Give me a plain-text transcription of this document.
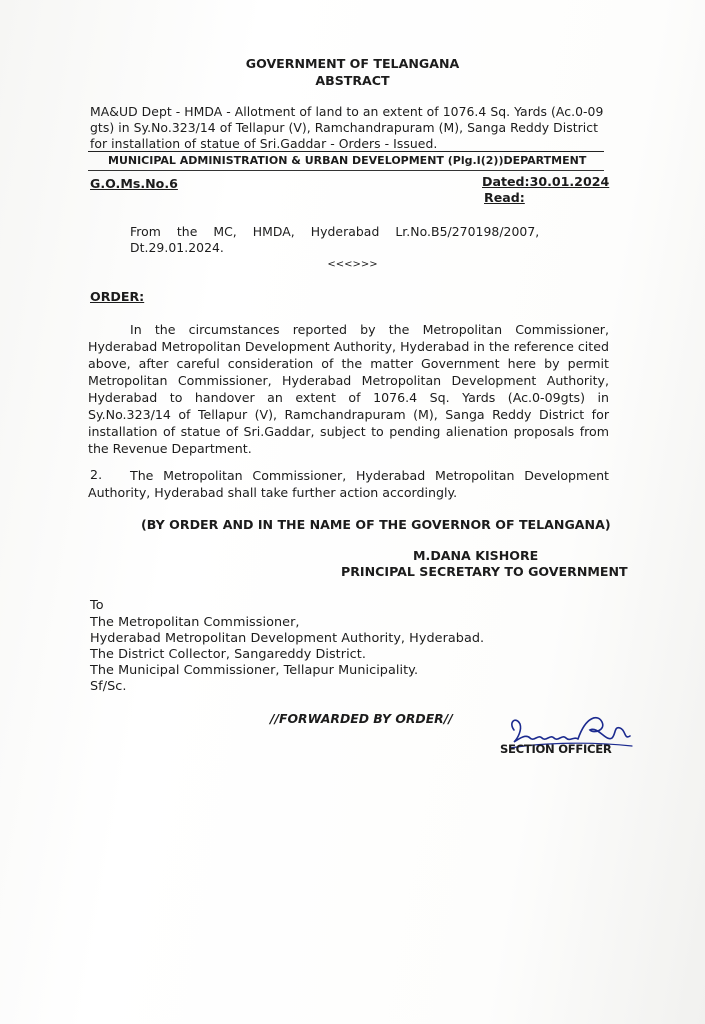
GOVERNMENT OF TELANGANA
ABSTRACT
MA&UD Dept - HMDA - Allotment of land to an extent of 1076.4 Sq. Yards (Ac.0-09
gts) in Sy.No.323/14 of Tellapur (V), Ramchandrapuram (M), Sanga Reddy District
for installation of statue of Sri.Gaddar - Orders - Issued.
MUNICIPAL ADMINISTRATION & URBAN DEVELOPMENT (Plg.I(2))DEPARTMENT
G.O.Ms.No.6	Dated:30.01.2024
Read:
From the MC, HMDA, Hyderabad Lr.No.B5/270198/2007,
Dt.29.01.2024.
<<<>>>
ORDER:
In the circumstances reported by the Metropolitan Commissioner, Hyderabad Metropolitan Development Authority, Hyderabad in the reference cited above, after careful consideration of the matter Government here by permit Metropolitan Commissioner, Hyderabad Metropolitan Development Authority, Hyderabad to handover an extent of 1076.4 Sq. Yards (Ac.0-09gts) in Sy.No.323/14 of Tellapur (V), Ramchandrapuram (M), Sanga Reddy District for installation of statue of Sri.Gaddar, subject to pending alienation proposals from the Revenue Department.
2.	The Metropolitan Commissioner, Hyderabad Metropolitan Development Authority, Hyderabad shall take further action accordingly.
(BY ORDER AND IN THE NAME OF THE GOVERNOR OF TELANGANA)
M.DANA KISHORE
PRINCIPAL SECRETARY TO GOVERNMENT
To
The Metropolitan Commissioner,
Hyderabad Metropolitan Development Authority, Hyderabad.
The District Collector, Sangareddy District.
The Municipal Commissioner, Tellapur Municipality.
Sf/Sc.
//FORWARDED BY ORDER//
SECTION OFFICER
